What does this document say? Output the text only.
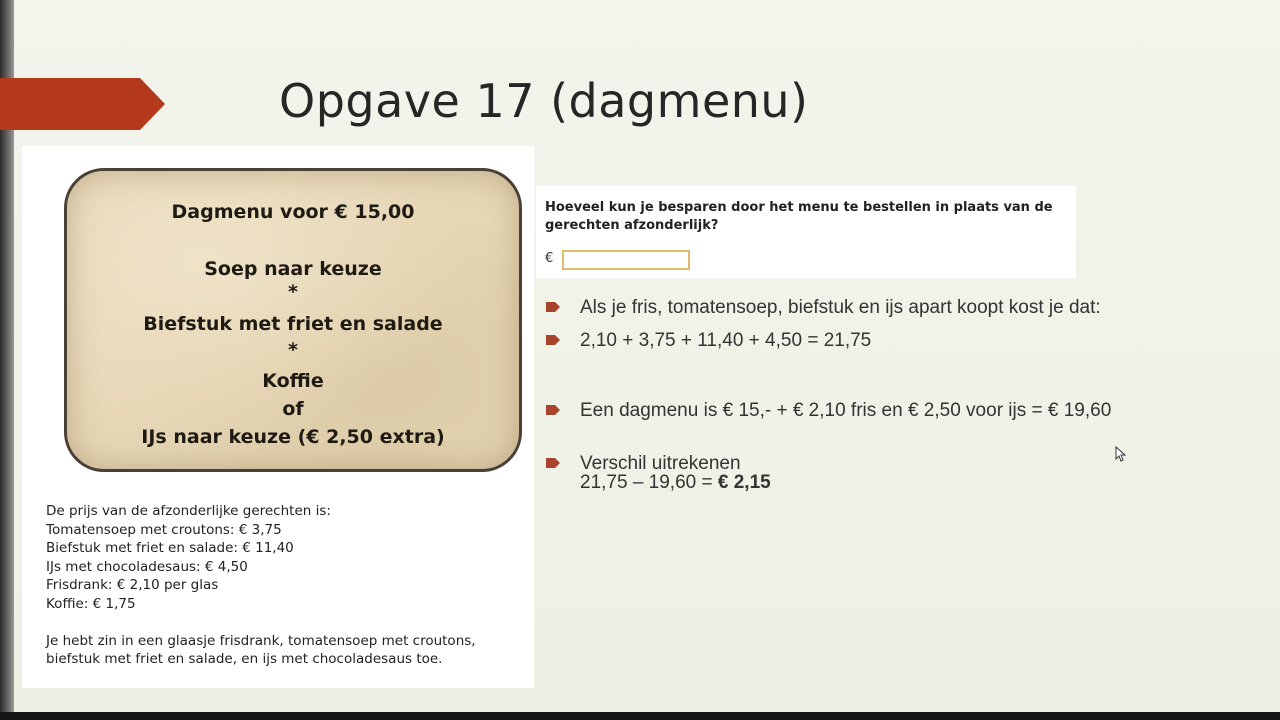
Opgave 17 (dagmenu)
Dagmenu voor € 15,00
Soep naar keuze
*
Biefstuk met friet en salade
*
Koffie
of
IJs naar keuze (€ 2,50 extra)
De prijs van de afzonderlijke gerechten is:
Tomatensoep met croutons: € 3,75
Biefstuk met friet en salade: € 11,40
IJs met chocoladesaus: € 4,50
Frisdrank: € 2,10 per glas
Koffie: € 1,75
Je hebt zin in een glaasje frisdrank, tomatensoep met croutons,
biefstuk met friet en salade, en ijs met chocoladesaus toe.
Hoeveel kun je besparen door het menu te bestellen in plaats van de gerechten afzonderlijk?
€
Als je fris, tomatensoep, biefstuk en ijs apart koopt kost je dat:
2,10 + 3,75 + 11,40 + 4,50 = 21,75
Een dagmenu is € 15,- + € 2,10 fris en € 2,50 voor ijs = € 19,60
Verschil uitrekenen
21,75 – 19,60 = € 2,15
